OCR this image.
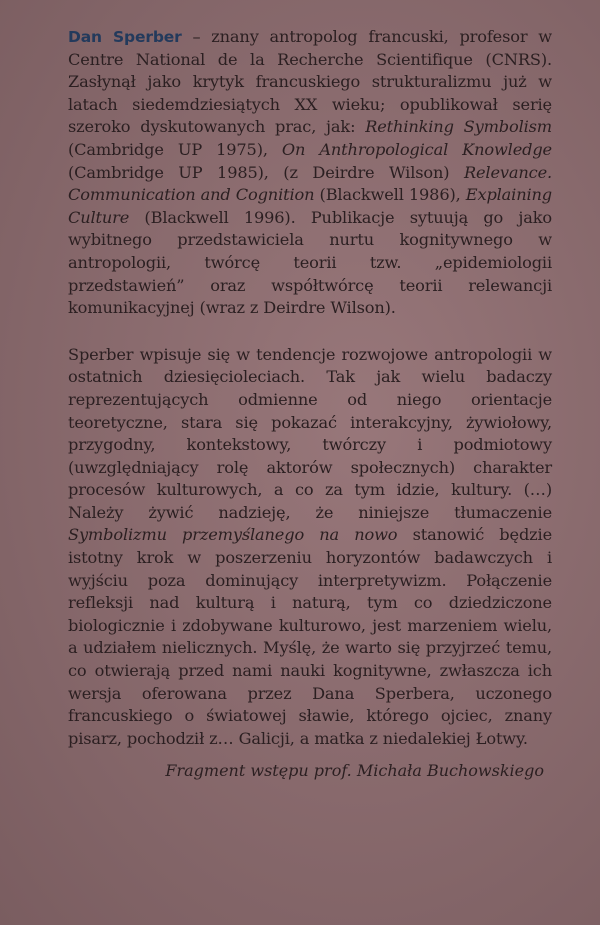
Dan Sperber – znany antropolog francuski, profesor w Centre National de la Recherche Scientifique (CNRS). Zasłynął jako krytyk francuskiego strukturalizmu już w latach siedemdziesiątych XX wieku; opublikował serię szeroko dyskutowanych prac, jak: Rethinking Symbolism (Cambridge UP 1975), On Anthropological Knowledge (Cambridge UP 1985), (z Deirdre Wilson) Relevance. Communication and Cognition (Blackwell 1986), Explaining Culture (Blackwell 1996). Publikacje sytuują go jako wybitnego przedstawiciela nurtu kognitywnego w antropologii, twórcę teorii tzw. „epidemiologii przedstawień” oraz współtwórcę teorii relewancji komunikacyjnej (wraz z Deirdre Wilson).

Sperber wpisuje się w tendencje rozwojowe antropologii w ostatnich dziesięcioleciach. Tak jak wielu badaczy reprezentujących odmienne od niego orientacje teoretyczne, stara się pokazać interakcyjny, żywiołowy, przygodny, kontekstowy, twórczy i podmiotowy (uwzględniający rolę aktorów społecznych) charakter procesów kulturowych, a co za tym idzie, kultury. (…) Należy żywić nadzieję, że niniejsze tłumaczenie Symbolizmu przemyślanego na nowo stanowić będzie istotny krok w poszerzeniu horyzontów badawczych i wyjściu poza dominujący interpretywizm. Połączenie refleksji nad kulturą i naturą, tym co dziedziczone biologicznie i zdobywane kulturowo, jest marzeniem wielu, a udziałem nielicznych. Myślę, że warto się przyjrzeć temu, co otwierają przed nami nauki kognitywne, zwłaszcza ich wersja oferowana przez Dana Sperbera, uczonego francuskiego o światowej sławie, którego ojciec, znany pisarz, pochodził z… Galicji, a matka z niedalekiej Łotwy.

Fragment wstępu prof. Michała Buchowskiego
